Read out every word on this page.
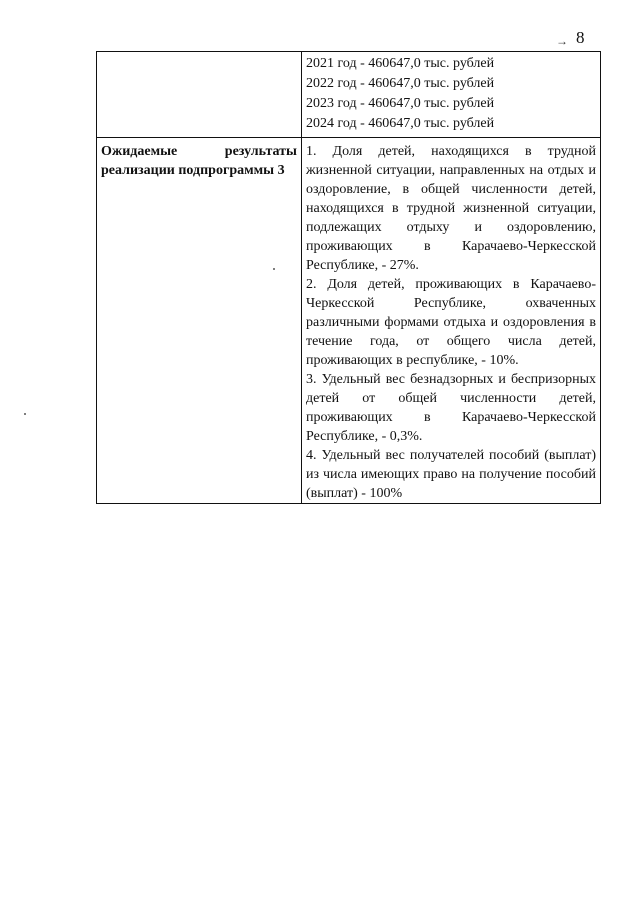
→ 8

	2021 год - 460647,0 тыс. рублей
2022 год - 460647,0 тыс. рублей
2023 год - 460647,0 тыс. рублей
2024 год - 460647,0 тыс. рублей

Ожидаемые результаты реализации подпрограммы 3	1. Доля детей, находящихся в трудной жизненной ситуации, направленных на отдых и оздоровление, в общей численности детей, находящихся в трудной жизненной ситуации, подлежащих отдыху и оздоровлению, проживающих в Карачаево-Черкесской Республике, - 27%.

2. Доля детей, проживающих в Карачаево-Черкесской Республике, охваченных различными формами отдыха и оздоровления в течение года, от общего числа детей, проживающих в республике, - 10%.

3. Удельный вес безнадзорных и беспризорных детей от общей численности детей, проживающих в Карачаево-Черкесской Республике, - 0,3%.

4. Удельный вес получателей пособий (выплат) из числа имеющих право на получение пособий (выплат) - 100%
